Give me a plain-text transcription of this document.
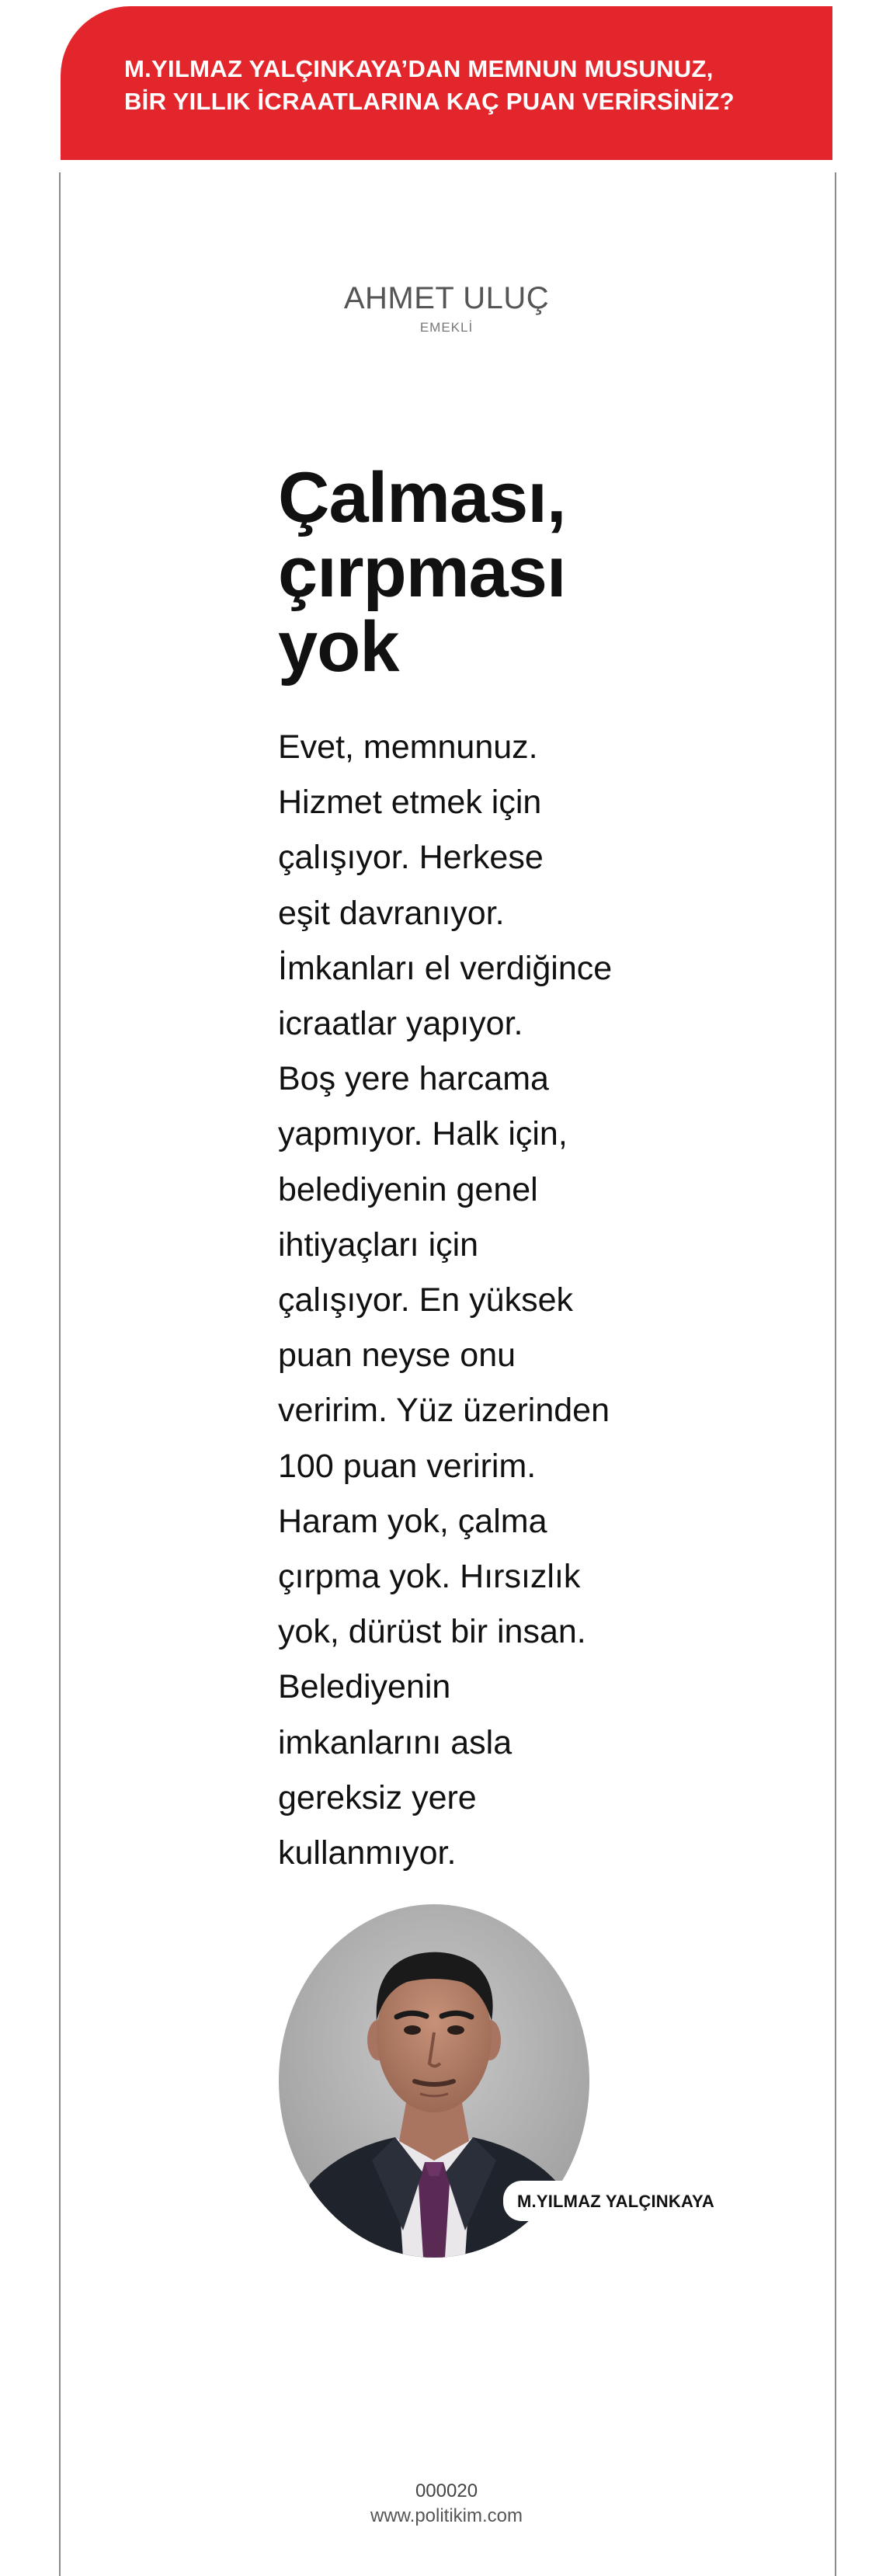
M.YILMAZ YALÇINKAYA’DAN MEMNUN MUSUNUZ,
BİR YILLIK İCRAATLARINA KAÇ PUAN VERİRSİNİZ?
AHMET ULUÇ
EMEKLİ
Çalması,
çırpması
yok
Evet, memnunuz.
Hizmet etmek için
çalışıyor. Herkese
eşit davranıyor.
İmkanları el verdiğince
icraatlar yapıyor.
Boş yere harcama
yapmıyor. Halk için,
belediyenin genel
ihtiyaçları için
çalışıyor. En yüksek
puan neyse onu
veririm. Yüz üzerinden
100 puan veririm.
Haram yok, çalma
çırpma yok. Hırsızlık
yok, dürüst bir insan.
Belediyenin
imkanlarını asla
gereksiz yere
kullanmıyor.
M.YILMAZ YALÇINKAYA
000020
www.politikim.com
